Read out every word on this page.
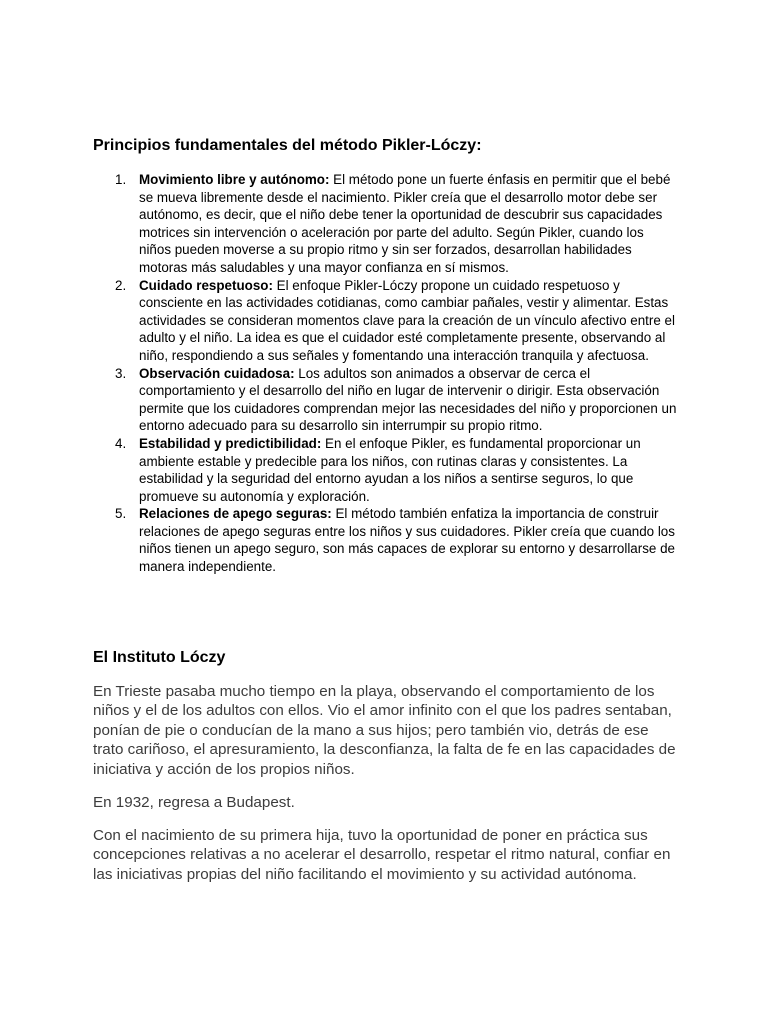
Principios fundamentales del método Pikler-Lóczy:
1. Movimiento libre y autónomo: El método pone un fuerte énfasis en permitir que el bebé se mueva libremente desde el nacimiento. Pikler creía que el desarrollo motor debe ser autónomo, es decir, que el niño debe tener la oportunidad de descubrir sus capacidades motrices sin intervención o aceleración por parte del adulto. Según Pikler, cuando los niños pueden moverse a su propio ritmo y sin ser forzados, desarrollan habilidades motoras más saludables y una mayor confianza en sí mismos.
2. Cuidado respetuoso: El enfoque Pikler-Lóczy propone un cuidado respetuoso y consciente en las actividades cotidianas, como cambiar pañales, vestir y alimentar. Estas actividades se consideran momentos clave para la creación de un vínculo afectivo entre el adulto y el niño. La idea es que el cuidador esté completamente presente, observando al niño, respondiendo a sus señales y fomentando una interacción tranquila y afectuosa.
3. Observación cuidadosa: Los adultos son animados a observar de cerca el comportamiento y el desarrollo del niño en lugar de intervenir o dirigir. Esta observación permite que los cuidadores comprendan mejor las necesidades del niño y proporcionen un entorno adecuado para su desarrollo sin interrumpir su propio ritmo.
4. Estabilidad y predictibilidad: En el enfoque Pikler, es fundamental proporcionar un ambiente estable y predecible para los niños, con rutinas claras y consistentes. La estabilidad y la seguridad del entorno ayudan a los niños a sentirse seguros, lo que promueve su autonomía y exploración.
5. Relaciones de apego seguras: El método también enfatiza la importancia de construir relaciones de apego seguras entre los niños y sus cuidadores. Pikler creía que cuando los niños tienen un apego seguro, son más capaces de explorar su entorno y desarrollarse de manera independiente.
El Instituto Lóczy

En Trieste pasaba mucho tiempo en la playa, observando el comportamiento de los niños y el de los adultos con ellos. Vio el amor infinito con el que los padres sentaban, ponían de pie o conducían de la mano a sus hijos; pero también vio, detrás de ese trato cariñoso, el apresuramiento, la desconfianza, la falta de fe en las capacidades de iniciativa y acción de los propios niños.

En 1932, regresa a Budapest.

Con el nacimiento de su primera hija, tuvo la oportunidad de poner en práctica sus concepciones relativas a no acelerar el desarrollo, respetar el ritmo natural, confiar en las iniciativas propias del niño facilitando el movimiento y su actividad autónoma.
